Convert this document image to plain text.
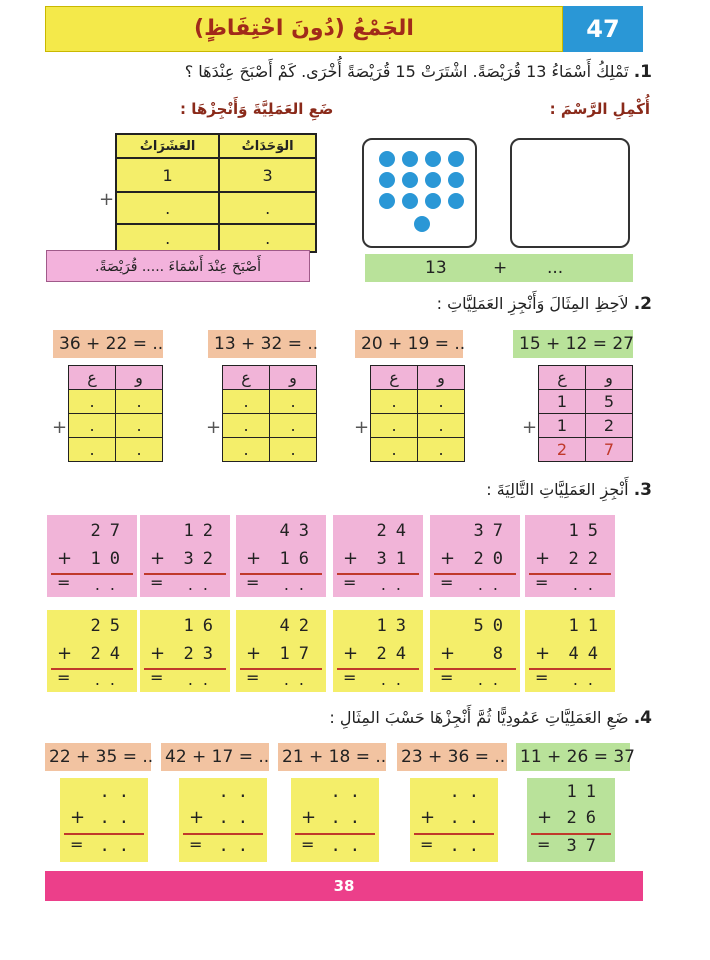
الجَمْعُ (دُونَ احْتِفَاظٍ)	47
1. تَمْلِكُ أَسْمَاءُ 13 قُرَيْصَةً. اشْتَرَتْ 15 قُرَيْصَةً أُخْرَى. كَمْ أَصْبَحَ عِنْدَهَا ؟
أُكْمِلِ الرَّسْمَ :
ضَعِ العَمَلِيَّةَ وَأَنْجِزْهَا :
العَشَرَاتُ	الوَحَدَاتُ
1	3
.	.
.	.
+
أَصْبَحَ عِنْدَ أَسْمَاءَ ..... قُرَيْصَةً.	13	+ ...
2. لاَحِظِ المِثَالَ وَأَنْجِزِ العَمَلِيَّاتِ :
36 + 22 = ..	13 + 32 = ..	20 + 19 = ..	15 + 12 = 27
ع	و
.	.
.	.
.	.
+
ع	و
.	.
.	.
.	.
+
ع	و
.	.
.	.
.	.
+
ع	و
1	5
1	2
2	7
+
3. أَنْجِزِ العَمَلِيَّاتِ التَّالِيَةَ :
15
+ 22
= ..
37
+ 20
= ..
24
+ 31
= ..
43
+ 16
= ..
12
+ 32
= ..
27
+ 10
= ..
11
+ 44
= ..
50
+ 8
= ..
13
+ 24
= ..
42
+ 17
= ..
16
+ 23
= ..
25
+ 24
= ..
4. ضَعِ العَمَلِيَّاتِ عَمُودِيًّا ثُمَّ أَنْجِزْهَا حَسْبَ المِثَالِ :
22 + 35 = .. 42 + 17 = .. 21 + 18 = .. 23 + 36 = .. 11 + 26 = 37
11
+ 26
= 37
..
+ ..
= ..
..
+ ..
= ..
..
+ ..
= ..
..
+ ..
= ..
38
